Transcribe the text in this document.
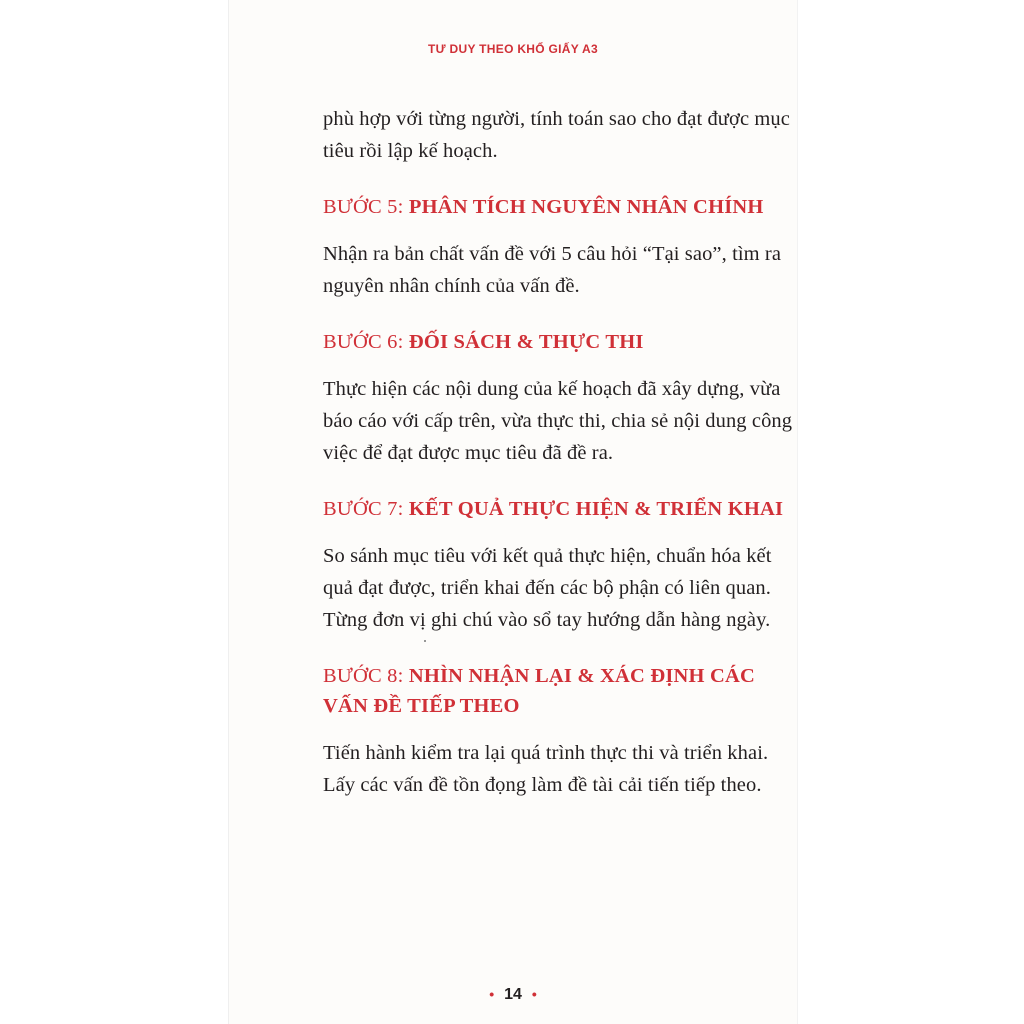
TƯ DUY THEO KHỔ GIẤY A3

phù hợp với từng người, tính toán sao cho đạt được mục tiêu rồi lập kế hoạch.

BƯỚC 5: PHÂN TÍCH NGUYÊN NHÂN CHÍNH

Nhận ra bản chất vấn đề với 5 câu hỏi “Tại sao”, tìm ra nguyên nhân chính của vấn đề.

BƯỚC 6: ĐỐI SÁCH & THỰC THI

Thực hiện các nội dung của kế hoạch đã xây dựng, vừa báo cáo với cấp trên, vừa thực thi, chia sẻ nội dung công việc để đạt được mục tiêu đã đề ra.

BƯỚC 7: KẾT QUẢ THỰC HIỆN & TRIỂN KHAI

So sánh mục tiêu với kết quả thực hiện, chuẩn hóa kết quả đạt được, triển khai đến các bộ phận có liên quan. Từng đơn vị ghi chú vào sổ tay hướng dẫn hàng ngày.

BƯỚC 8: NHÌN NHẬN LẠI & XÁC ĐỊNH CÁC VẤN ĐỀ TIẾP THEO

Tiến hành kiểm tra lại quá trình thực thi và triển khai. Lấy các vấn đề tồn đọng làm đề tài cải tiến tiếp theo.

• 14 •
